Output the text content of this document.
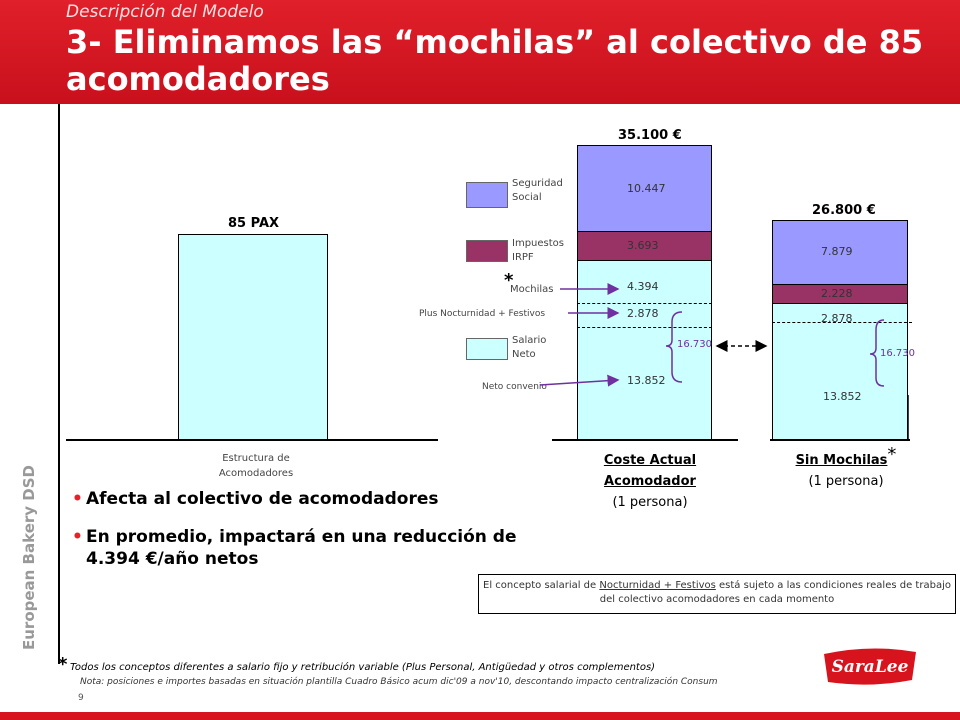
Descripción del Modelo
3- Eliminamos las “mochilas” al colectivo de 85 acomodadores
European Bakery DSD
85 PAX
35.100 €
10.447
3.693
4.394
2.878
13.852
26.800 €
7.879
2.228
2.878
13.852
Seguridad Social
Impuestos IRPF
*
Mochilas
Plus Nocturnidad + Festivos
Salario Neto
Neto convenio
16.730
16.730
Estructura de Acomodadores
Coste Actual
Acomodador
(1 persona)
Sin Mochilas*
(1 persona)
• Afecta al colectivo de acomodadores
• En promedio, impactará en una reducción de 4.394 €/año netos
El concepto salarial de Nocturnidad + Festivos está sujeto a las condiciones reales de trabajo del colectivo acomodadores en cada momento
* Todos los conceptos diferentes a salario fijo y retribución variable (Plus Personal, Antigüedad y otros complementos)
Nota: posiciones e importes basadas en situación plantilla Cuadro Básico acum dic'09 a nov'10, descontando impacto centralización Consum
9
SaraLee
